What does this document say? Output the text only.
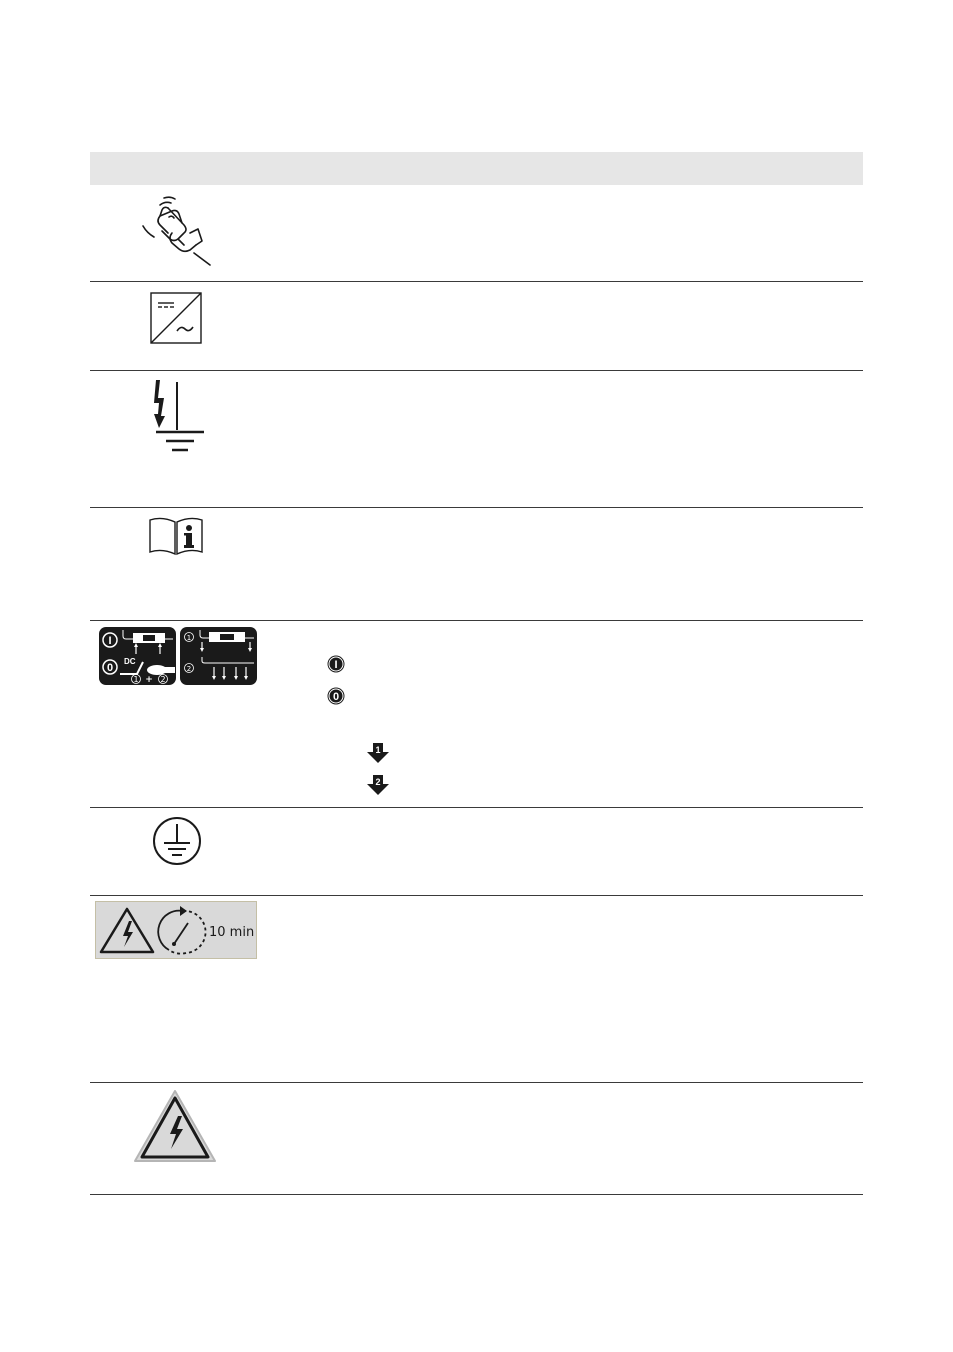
I
0
DC
1 + 2
1
2	I
0
1
2
10 min
